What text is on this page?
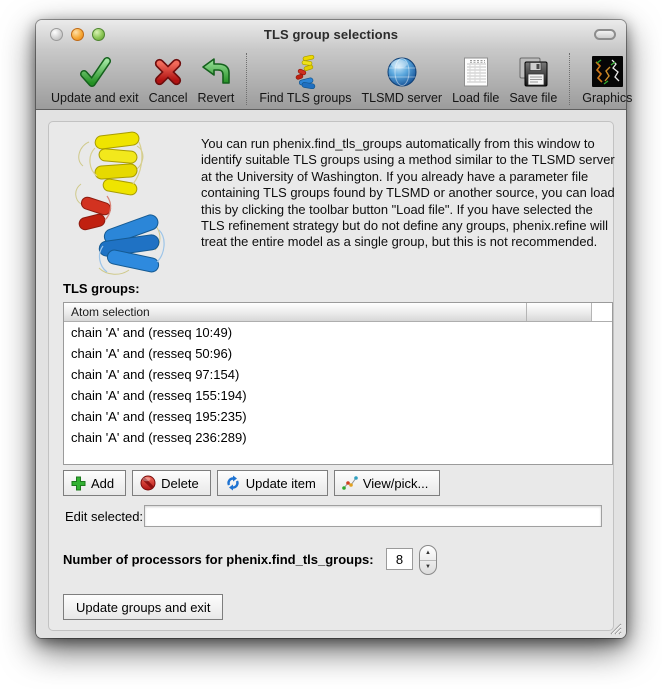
TLS group selections
Update and exit Cancel Revert Find TLS groups TLSMD server Load file Save file Graphics
You can run phenix.find_tls_groups automatically from this window to identify suitable TLS groups using a method similar to the TLSMD server at the University of Washington. If you already have a parameter file containing TLS groups found by TLSMD or another source, you can load this by clicking the toolbar button "Load file". If you have selected the TLS refinement strategy but do not define any groups, phenix.refine will treat the entire model as a single group, but this is not recommended.
TLS groups:
Atom selection
chain 'A' and (resseq 10:49)
chain 'A' and (resseq 50:96)
chain 'A' and (resseq 97:154)
chain 'A' and (resseq 155:194)
chain 'A' and (resseq 195:235)
chain 'A' and (resseq 236:289)
Add	Delete	Update item	View/pick...
Edit selected:
Number of processors for phenix.find_tls_groups:
8	▲
▼
Update groups and exit
